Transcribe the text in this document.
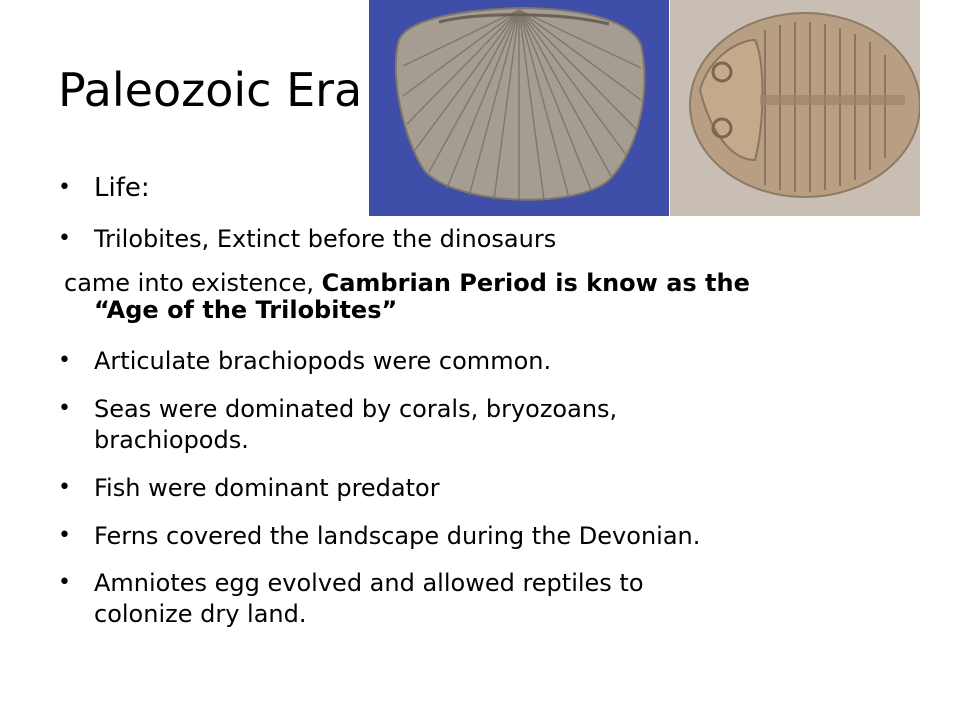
Paleozoic Era
• Life:
• Trilobites, Extinct before the dinosaurs
came into existence, Cambrian Period is know as the
“Age of the Trilobites”
• Articulate brachiopods were common.
• Seas were dominated by corals, bryozoans,
brachiopods.
• Fish were dominant predator
• Ferns covered the landscape during the Devonian.
• Amniotes egg evolved and allowed reptiles to
colonize dry land.
